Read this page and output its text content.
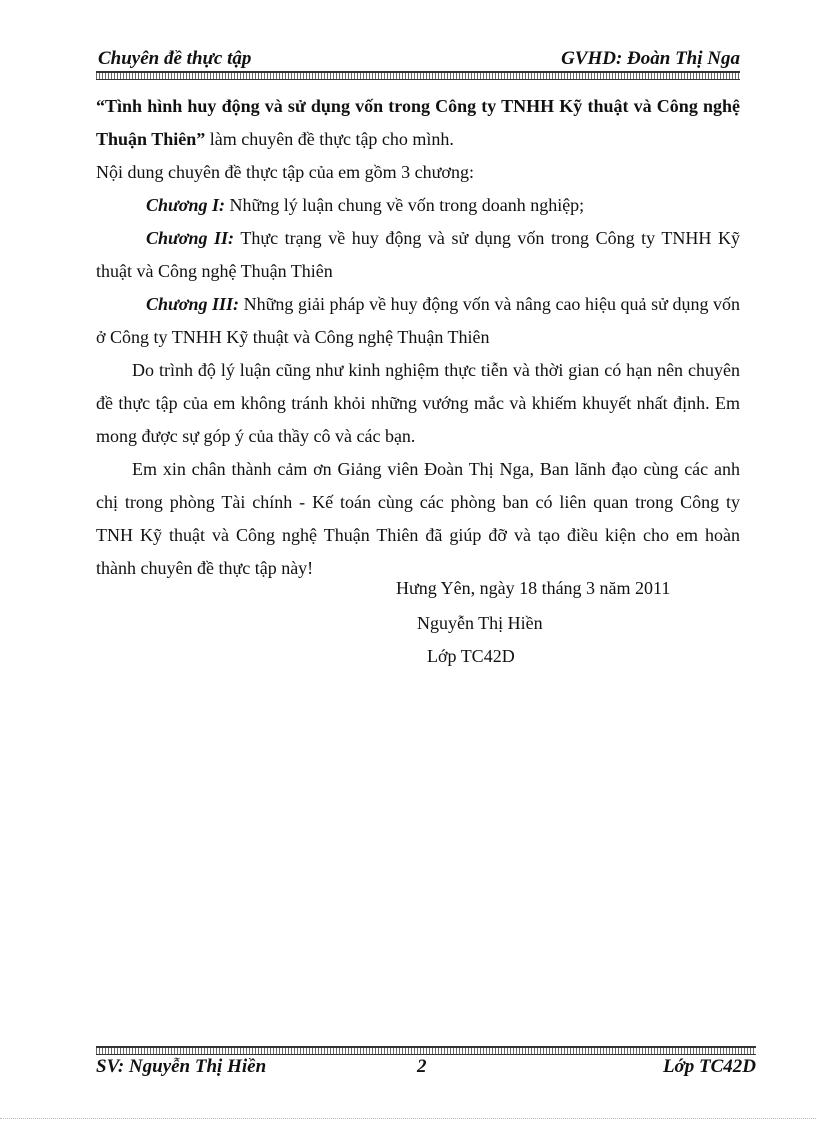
Chuyên đề thực tập	GVHD: Đoàn Thị Nga

“Tình hình huy động và sử dụng vốn trong Công ty TNHH Kỹ thuật và Công nghệ Thuận Thiên” làm chuyên đề thực tập cho mình.

Nội dung chuyên đề thực tập của em gồm 3 chương:

Chương I: Những lý luận chung về vốn trong doanh nghiệp;

Chương II: Thực trạng về huy động và sử dụng vốn trong Công ty TNHH Kỹ thuật và Công nghệ Thuận Thiên

Chương III: Những giải pháp về huy động vốn và nâng cao hiệu quả sử dụng vốn ở Công ty TNHH Kỹ thuật và Công nghệ Thuận Thiên

Do trình độ lý luận cũng như kinh nghiệm thực tiễn và thời gian có hạn nên chuyên đề thực tập của em không tránh khỏi những vướng mắc và khiếm khuyết nhất định. Em mong được sự góp ý của thầy cô và các bạn.

Em xin chân thành cảm ơn Giảng viên Đoàn Thị Nga, Ban lãnh đạo cùng các anh chị trong phòng Tài chính - Kế toán cùng các phòng ban có liên quan trong Công ty TNH Kỹ thuật và Công nghệ Thuận Thiên đã giúp đỡ và tạo điều kiện cho em hoàn thành chuyên đề thực tập này!

Hưng Yên, ngày 18 tháng 3 năm 2011
Nguyễn Thị Hiền
Lớp TC42D
SV: Nguyễn Thị Hiền	2	Lớp TC42D
